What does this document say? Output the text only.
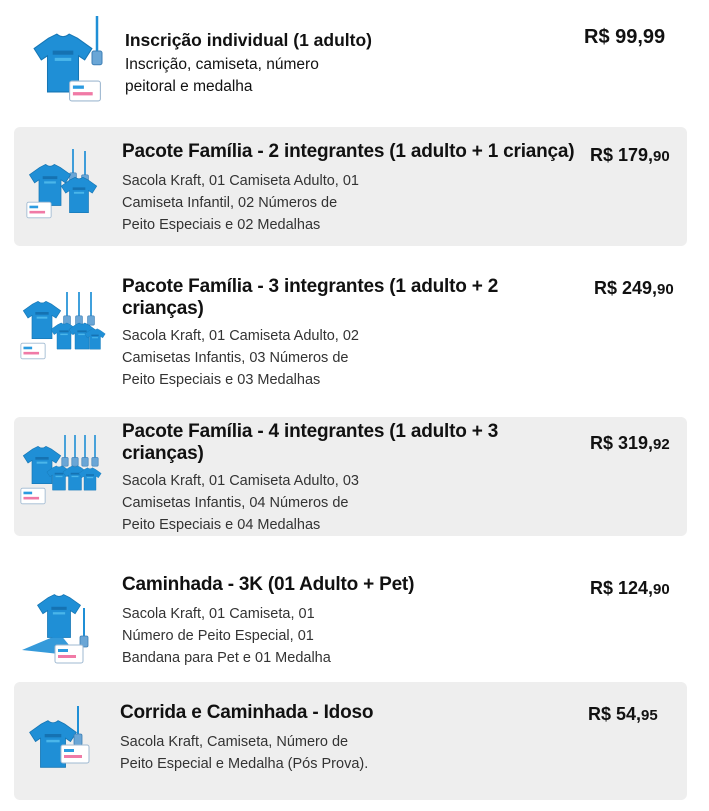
Inscrição individual (1 adulto)
Inscrição, camiseta, número
peitoral e medalha
R$ 99,99
Pacote Família - 2 integrantes (1 adulto + 1 criança)
Sacola Kraft, 01 Camiseta Adulto, 01
Camiseta Infantil, 02 Números de
Peito Especiais e 02 Medalhas
R$ 179,90
Pacote Família - 3 integrantes (1 adulto + 2
crianças)
Sacola Kraft, 01 Camiseta Adulto, 02
Camisetas Infantis, 03 Números de
Peito Especiais e 03 Medalhas
R$ 249,90
Pacote Família - 4 integrantes (1 adulto + 3
crianças)
Sacola Kraft, 01 Camiseta Adulto, 03
Camisetas Infantis, 04 Números de
Peito Especiais e 04 Medalhas
R$ 319,92
Caminhada - 3K (01 Adulto + Pet)
Sacola Kraft, 01 Camiseta, 01
Número de Peito Especial, 01
Bandana para Pet e 01 Medalha
R$ 124,90
Corrida e Caminhada - Idoso
Sacola Kraft, Camiseta, Número de
Peito Especial e Medalha (Pós Prova).
R$ 54,95
